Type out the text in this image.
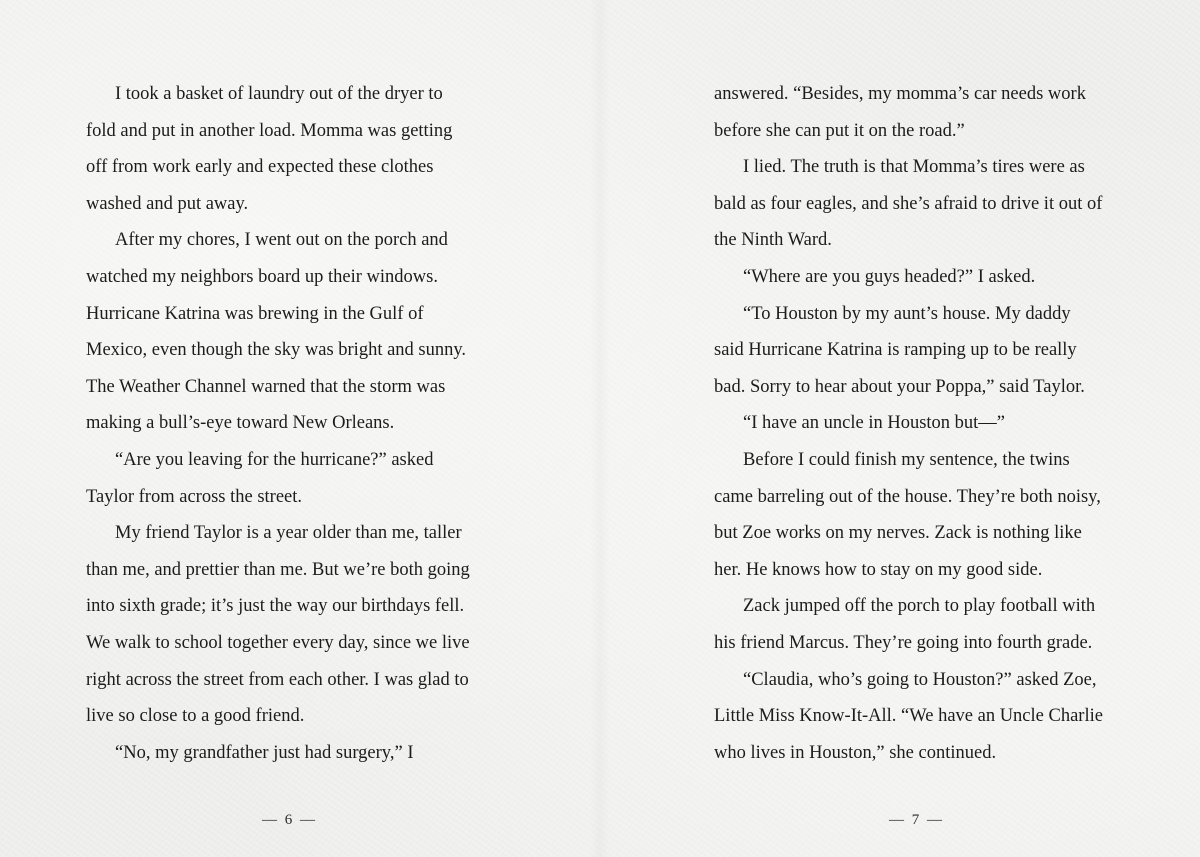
I took a basket of laundry out of the dryer to
fold and put in another load. Momma was getting
off from work early and expected these clothes
washed and put away.
After my chores, I went out on the porch and
watched my neighbors board up their windows.
Hurricane Katrina was brewing in the Gulf of
Mexico, even though the sky was bright and sunny.
The Weather Channel warned that the storm was
making a bull’s-eye toward New Orleans.
“Are you leaving for the hurricane?” asked
Taylor from across the street.
My friend Taylor is a year older than me, taller
than me, and prettier than me. But we’re both going
into sixth grade; it’s just the way our birthdays fell.
We walk to school together every day, since we live
right across the street from each other. I was glad to
live so close to a good friend.
“No, my grandfather just had surgery,” I
answered. “Besides, my momma’s car needs work
before she can put it on the road.”
I lied. The truth is that Momma’s tires were as
bald as four eagles, and she’s afraid to drive it out of
the Ninth Ward.
“Where are you guys headed?” I asked.
“To Houston by my aunt’s house. My daddy
said Hurricane Katrina is ramping up to be really
bad. Sorry to hear about your Poppa,” said Taylor.
“I have an uncle in Houston but—”
Before I could finish my sentence, the twins
came barreling out of the house. They’re both noisy,
but Zoe works on my nerves. Zack is nothing like
her. He knows how to stay on my good side.
Zack jumped off the porch to play football with
his friend Marcus. They’re going into fourth grade.
“Claudia, who’s going to Houston?” asked Zoe,
Little Miss Know-It-All. “We have an Uncle Charlie
who lives in Houston,” she continued.
— 6 —	— 7 —
